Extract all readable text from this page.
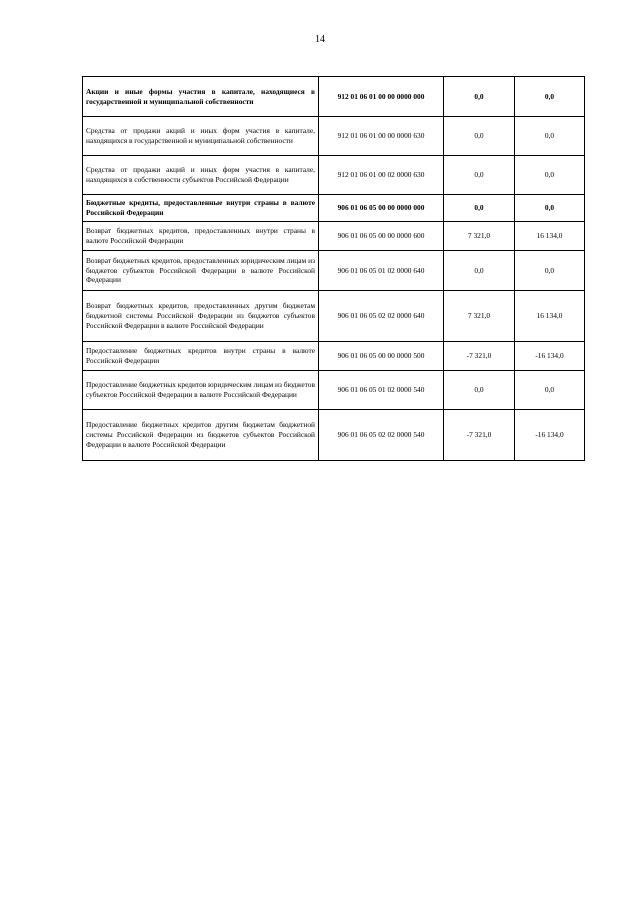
14
Акции и иные формы участия в капитале, находящиеся в государственной и муниципальной собственности	912 01 06 01 00 00 0000 000	0,0	0,0
Средства от продажи акций и иных форм участия в капитале, находящихся в государственной и муниципальной собственности	912 01 06 01 00 00 0000 630	0,0	0,0
Средства от продажи акций и иных форм участия в капитале, находящихся в собственности субъектов Российской Федерации	912 01 06 01 00 02 0000 630	0,0	0,0
Бюджетные кредиты, предоставленные внутри страны в валюте Российской Федерации	906 01 06 05 00 00 0000 000	0,0	0,0
Возврат бюджетных кредитов, предоставленных внутри страны в валюте Российской Федерации	906 01 06 05 00 00 0000 600	7 321,0	16 134,0
Возврат бюджетных кредитов, предоставленных юридическим лицам из бюджетов субъектов Российской Федерации в валюте Российской Федерации	906 01 06 05 01 02 0000 640	0,0	0,0
Возврат бюджетных кредитов, предоставленных другим бюджетам бюджетной системы Российской Федерации из бюджетов субъектов Российской Федерации в валюте Российской Федерации	906 01 06 05 02 02 0000 640	7 321,0	16 134,0
Предоставление бюджетных кредитов внутри страны в валюте Российской Федерации	906 01 06 05 00 00 0000 500	-7 321,0	-16 134,0
Предоставление бюджетных кредитов юридическим лицам из бюджетов субъектов Российской Федерации в валюте Российской Федерации	906 01 06 05 01 02 0000 540	0,0	0,0
Предоставление бюджетных кредитов другим бюджетам бюджетной системы Российской Федерации из бюджетов субъектов Российской Федерации в валюте Российской Федерации	906 01 06 05 02 02 0000 540	-7 321,0	-16 134,0
